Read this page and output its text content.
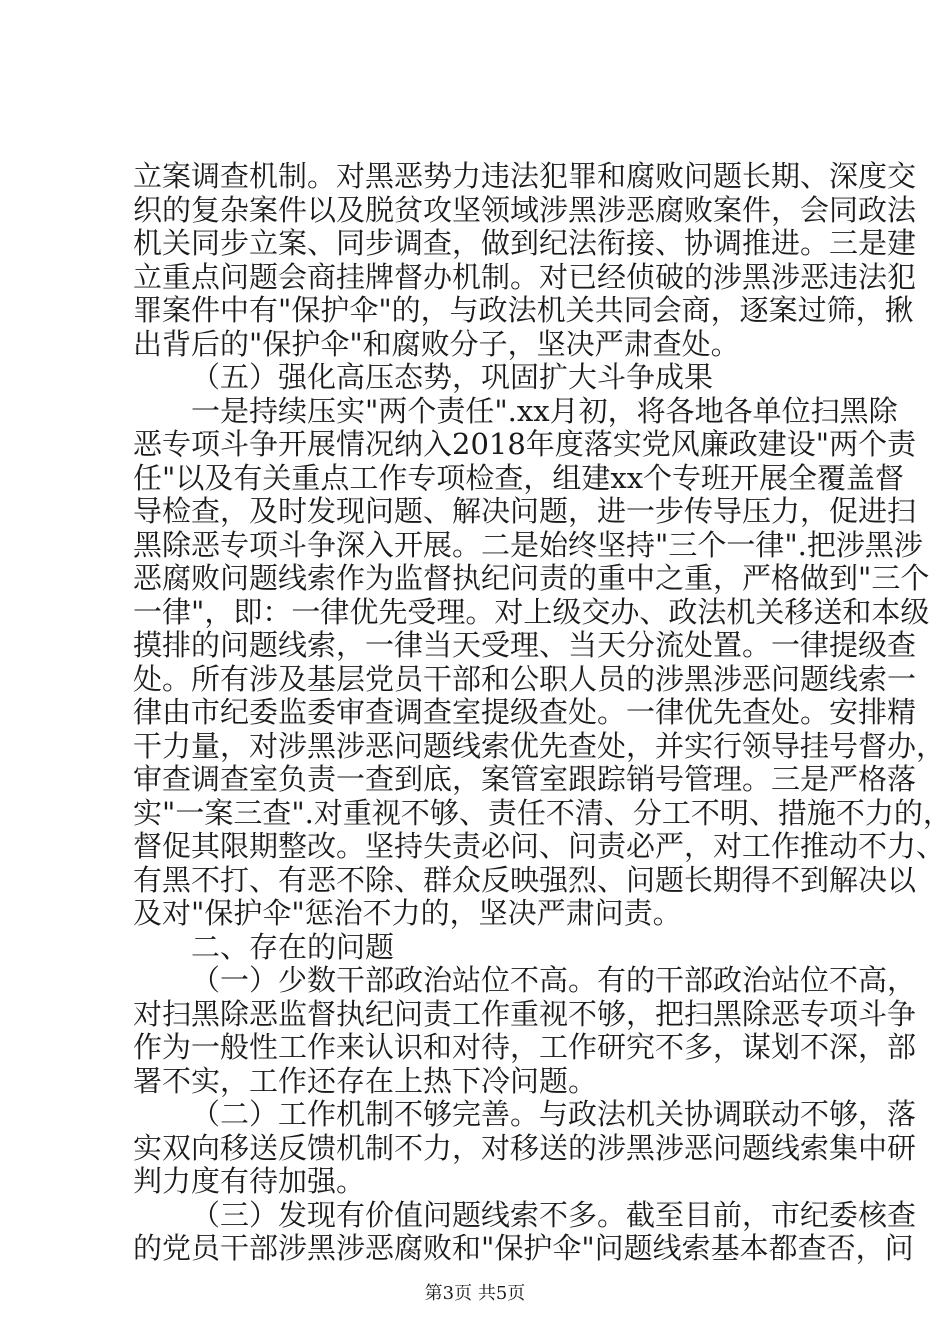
立案调查机制。对黑恶势力违法犯罪和腐败问题长期、深度交
织的复杂案件以及脱贫攻坚领域涉黑涉恶腐败案件，会同政法
机关同步立案、同步调查，做到纪法衔接、协调推进。三是建
立重点问题会商挂牌督办机制。对已经侦破的涉黑涉恶违法犯
罪案件中有"保护伞"的，与政法机关共同会商，逐案过筛，揪
出背后的"保护伞"和腐败分子，坚决严肃查处。
（五）强化高压态势，巩固扩大斗争成果
一是持续压实"两个责任".xx月初，将各地各单位扫黑除
恶专项斗争开展情况纳入2018年度落实党风廉政建设"两个责
任"以及有关重点工作专项检查，组建xx个专班开展全覆盖督
导检查，及时发现问题、解决问题，进一步传导压力，促进扫
黑除恶专项斗争深入开展。二是始终坚持"三个一律".把涉黑涉
恶腐败问题线索作为监督执纪问责的重中之重，严格做到"三个
一律"，即：一律优先受理。对上级交办、政法机关移送和本级
摸排的问题线索，一律当天受理、当天分流处置。一律提级查
处。所有涉及基层党员干部和公职人员的涉黑涉恶问题线索一
律由市纪委监委审查调查室提级查处。一律优先查处。安排精
干力量，对涉黑涉恶问题线索优先查处，并实行领导挂号督办，
审查调查室负责一查到底，案管室跟踪销号管理。三是严格落
实"一案三查".对重视不够、责任不清、分工不明、措施不力的，
督促其限期整改。坚持失责必问、问责必严，对工作推动不力、
有黑不打、有恶不除、群众反映强烈、问题长期得不到解决以
及对"保护伞"惩治不力的，坚决严肃问责。
二、存在的问题
（一）少数干部政治站位不高。有的干部政治站位不高，
对扫黑除恶监督执纪问责工作重视不够，把扫黑除恶专项斗争
作为一般性工作来认识和对待，工作研究不多，谋划不深，部
署不实，工作还存在上热下冷问题。
（二）工作机制不够完善。与政法机关协调联动不够，落
实双向移送反馈机制不力，对移送的涉黑涉恶问题线索集中研
判力度有待加强。
（三）发现有价值问题线索不多。截至目前，市纪委核查
的党员干部涉黑涉恶腐败和"保护伞"问题线索基本都查否，问
第3页 共5页
